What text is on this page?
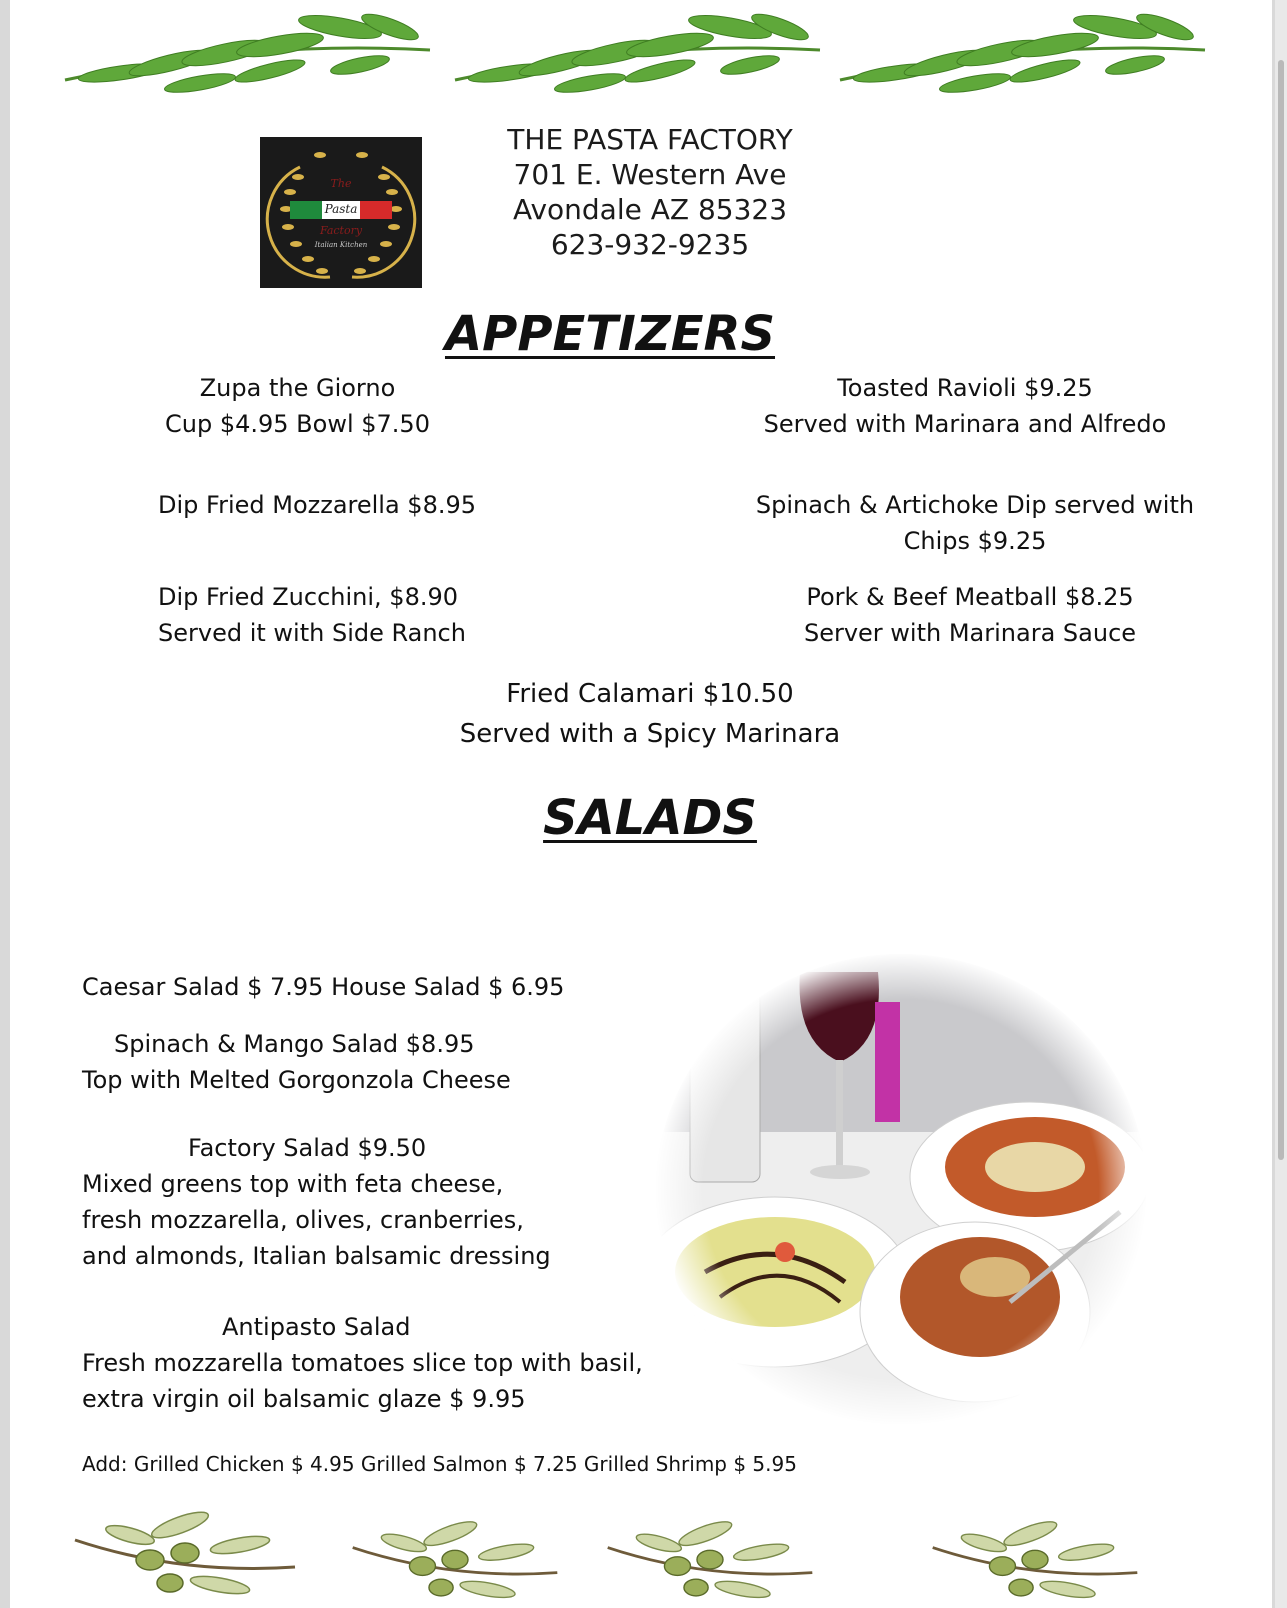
The
Pasta
Factory
Italian Kitchen
THE PASTA FACTORY
701 E. Western Ave
Avondale AZ 85323
623-932-9235
APPETIZERS
Zupa the Giorno
Cup $4.95 Bowl $7.50
Toasted Ravioli $9.25
Served with Marinara and Alfredo
Dip Fried Mozzarella $8.95	Spinach & Artichoke Dip served with
Chips $9.25
Dip Fried Zucchini, $8.90
Served it with Side Ranch
Pork & Beef Meatball $8.25
Server with Marinara Sauce
Fried Calamari $10.50
Served with a Spicy Marinara
SALADS
Caesar Salad $ 7.95 House Salad $ 6.95
Spinach & Mango Salad $8.95
Top with Melted Gorgonzola Cheese
Factory Salad $9.50
Mixed greens top with feta cheese,
fresh mozzarella, olives, cranberries,
and almonds, Italian balsamic dressing
Antipasto Salad
Fresh mozzarella tomatoes slice top with basil,
extra virgin oil balsamic glaze $ 9.95
Add: Grilled Chicken $ 4.95 Grilled Salmon $ 7.25 Grilled Shrimp $ 5.95
